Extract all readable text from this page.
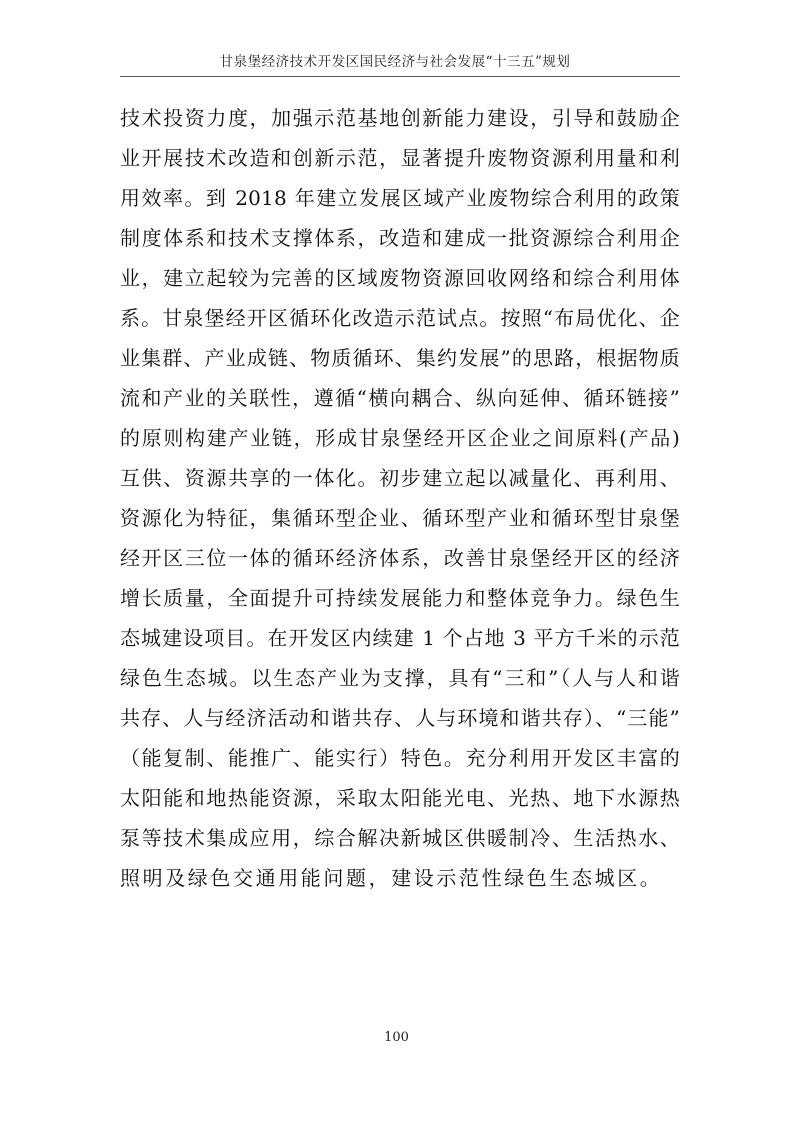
甘泉堡经济技术开发区国民经济与社会发展“十三五”规划
技术投资力度，加强示范基地创新能力建设，引导和鼓励企
业开展技术改造和创新示范，显著提升废物资源利用量和利
用效率。到 2018 年建立发展区域产业废物综合利用的政策
制度体系和技术支撑体系，改造和建成一批资源综合利用企
业，建立起较为完善的区域废物资源回收网络和综合利用体
系。甘泉堡经开区循环化改造示范试点。按照“布局优化、企
业集群、产业成链、物质循环、集约发展”的思路，根据物质
流和产业的关联性，遵循“横向耦合、纵向延伸、循环链接”
的原则构建产业链，形成甘泉堡经开区企业之间原料(产品)
互供、资源共享的一体化。初步建立起以减量化、再利用、
资源化为特征，集循环型企业、循环型产业和循环型甘泉堡
经开区三位一体的循环经济体系，改善甘泉堡经开区的经济
增长质量，全面提升可持续发展能力和整体竞争力。绿色生
态城建设项目。在开发区内续建 1 个占地 3 平方千米的示范
绿色生态城。以生态产业为支撑，具有“三和”（人与人和谐
共存、人与经济活动和谐共存、人与环境和谐共存）、“三能”
（能复制、能推广、能实行）特色。充分利用开发区丰富的
太阳能和地热能资源，采取太阳能光电、光热、地下水源热
泵等技术集成应用，综合解决新城区供暖制冷、生活热水、
照明及绿色交通用能问题，建设示范性绿色生态城区。
100
